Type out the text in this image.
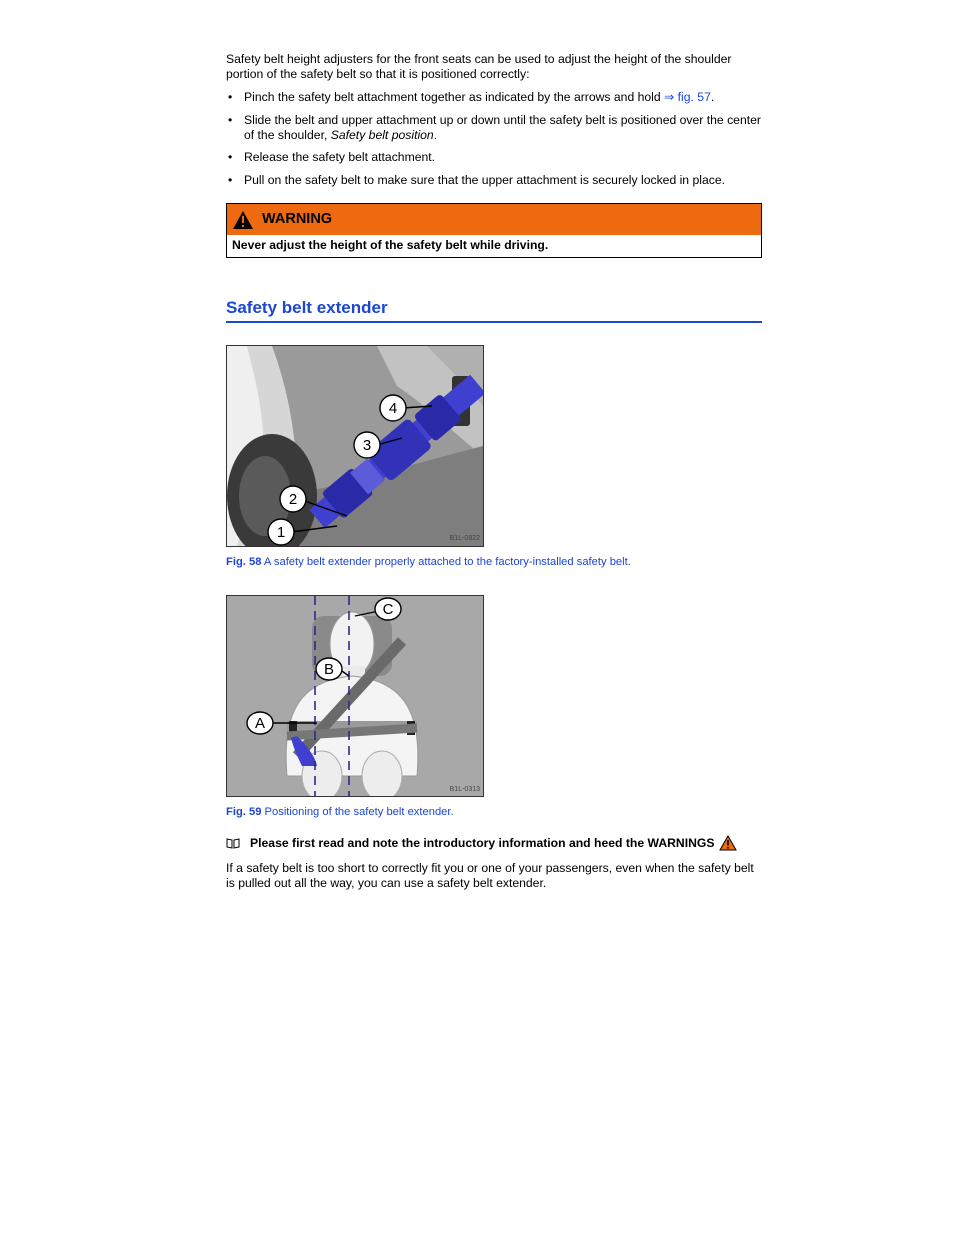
Safety belt height adjusters for the front seats can be used to adjust the height of the shoulder portion of the safety belt so that it is positioned correctly:

• Pinch the safety belt attachment together as indicated by the arrows and hold ⇒ fig. 57.
• Slide the belt and upper attachment up or down until the safety belt is positioned over the center of the shoulder, Safety belt position.
• Release the safety belt attachment.
• Pull on the safety belt to make sure that the upper attachment is securely locked in place.
WARNING
Never adjust the height of the safety belt while driving.
Safety belt extender
1
2
3
4
B1L-0822
Fig. 58 A safety belt extender properly attached to the factory-installed safety belt.
A
B
C
B1L-0313
Fig. 59 Positioning of the safety belt extender.
Please first read and note the introductory information and heed the WARNINGS

If a safety belt is too short to correctly fit you or one of your passengers, even when the safety belt is pulled out all the way, you can use a safety belt extender.
